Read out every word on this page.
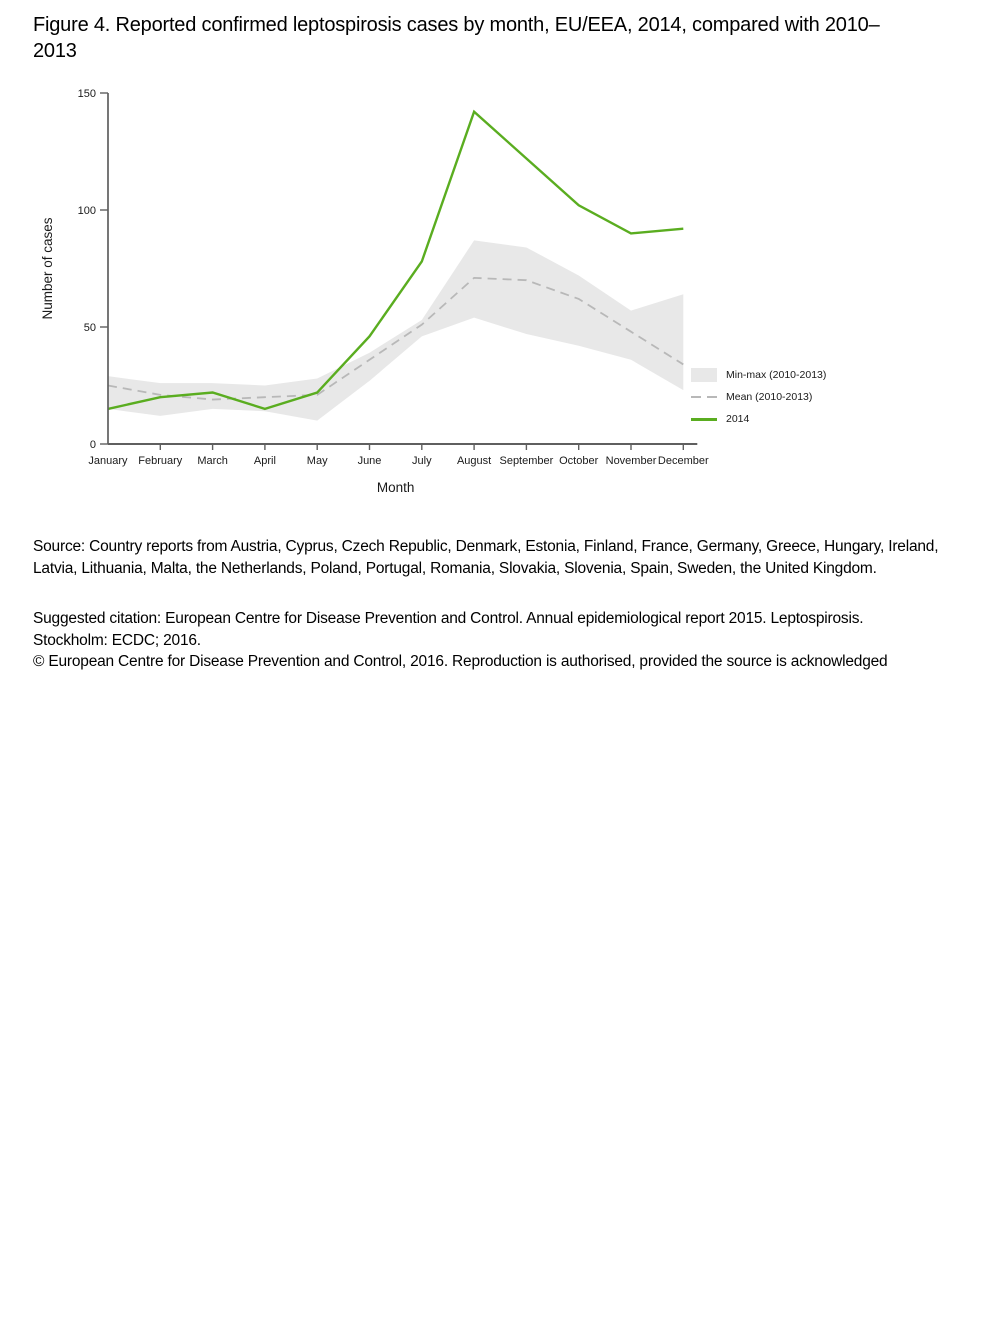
Figure 4. Reported confirmed leptospirosis cases by month, EU/EEA, 2014, compared with 2010–2013
0
50
100
150
January February March April	May	June	July August September October November December
Number of cases
Month
Min-max (2010-2013)
Mean (2010-2013)
2014

Source: Country reports from Austria, Cyprus, Czech Republic, Denmark, Estonia, Finland, France, Germany, Greece, Hungary, Ireland, Latvia, Lithuania, Malta, the Netherlands, Poland, Portugal, Romania, Slovakia, Slovenia, Spain, Sweden, the United Kingdom.

Suggested citation: European Centre for Disease Prevention and Control. Annual epidemiological report 2015. Leptospirosis.
Stockholm: ECDC; 2016.

© European Centre for Disease Prevention and Control, 2016. Reproduction is authorised, provided the source is acknowledged
